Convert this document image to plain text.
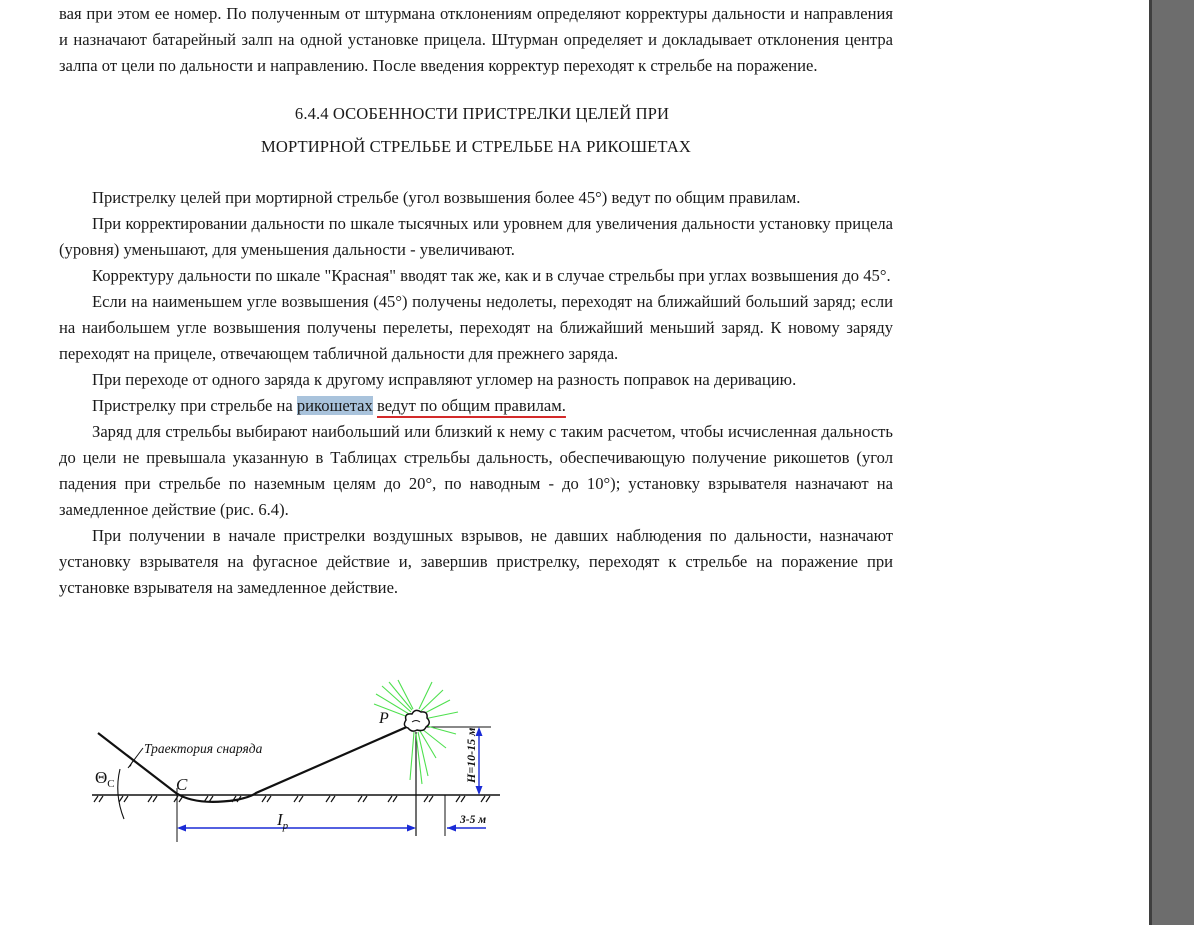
вая при этом ее номер. По полученным от штурмана отклонениям определяют корректуры дальности и направления и назначают батарейный залп на одной установке прицела. Штурман определяет и докладывает отклонения центра залпа от цели по дальности и направлению. После введения корректур переходят к стрельбе на поражение.

6.4.4 ОСОБЕННОСТИ ПРИСТРЕЛКИ ЦЕЛЕЙ ПРИ
МОРТИРНОЙ СТРЕЛЬБЕ И СТРЕЛЬБЕ НА РИКОШЕТАХ

Пристрелку целей при мортирной стрельбе (угол возвышения более 45°) ведут по общим правилам.

При корректировании дальности по шкале тысячных или уровнем для увеличения дальности установку прицела (уровня) уменьшают, для уменьшения дальности - увеличивают.

Корректуру дальности по шкале "Красная" вводят так же, как и в случае стрельбы при углах возвышения до 45°.

Если на наименьшем угле возвышения (45°) получены недолеты, переходят на ближайший больший заряд; если на наибольшем угле возвышения получены перелеты, переходят на ближайший меньший заряд. К новому заряду переходят на прицеле, отвечающем табличной дальности для прежнего заряда.

При переходе от одного заряда к другому исправляют угломер на разность поправок на деривацию.

Пристрелку при стрельбе на рикошетах ведут по общим правилам.

Заряд для стрельбы выбирают наибольший или близкий к нему с таким расчетом, чтобы исчисленная дальность до цели не превышала указанную в Таблицах стрельбы дальность, обеспечивающую получение рикошетов (угол падения при стрельбе по наземным целям до 20°, по наводным - до 10°); установку взрывателя назначают на замедленное действие (рис. 6.4).

При получении в начале пристрелки воздушных взрывов, не давших наблюдения по дальности, назначают установку взрывателя на фугасное действие и, завершив пристрелку, переходят к стрельбе на поражение при установке взрывателя на замедленное действие.

Траектория снаряда
$\Theta_C$	C
P
H=10-15 м
$I_p$	3-5 м
